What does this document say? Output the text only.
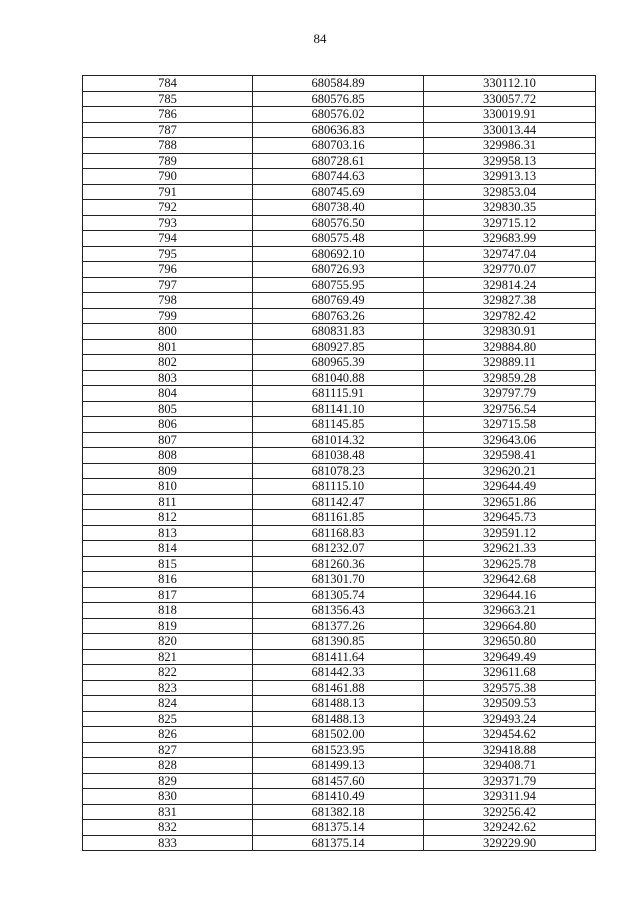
84
784	680584.89	330112.10
785	680576.85	330057.72
786	680576.02	330019.91
787	680636.83	330013.44
788	680703.16	329986.31
789	680728.61	329958.13
790	680744.63	329913.13
791	680745.69	329853.04
792	680738.40	329830.35
793	680576.50	329715.12
794	680575.48	329683.99
795	680692.10	329747.04
796	680726.93	329770.07
797	680755.95	329814.24
798	680769.49	329827.38
799	680763.26	329782.42
800	680831.83	329830.91
801	680927.85	329884.80
802	680965.39	329889.11
803	681040.88	329859.28
804	681115.91	329797.79
805	681141.10	329756.54
806	681145.85	329715.58
807	681014.32	329643.06
808	681038.48	329598.41
809	681078.23	329620.21
810	681115.10	329644.49
811	681142.47	329651.86
812	681161.85	329645.73
813	681168.83	329591.12
814	681232.07	329621.33
815	681260.36	329625.78
816	681301.70	329642.68
817	681305.74	329644.16
818	681356.43	329663.21
819	681377.26	329664.80
820	681390.85	329650.80
821	681411.64	329649.49
822	681442.33	329611.68
823	681461.88	329575.38
824	681488.13	329509.53
825	681488.13	329493.24
826	681502.00	329454.62
827	681523.95	329418.88
828	681499.13	329408.71
829	681457.60	329371.79
830	681410.49	329311.94
831	681382.18	329256.42
832	681375.14	329242.62
833	681375.14	329229.90
